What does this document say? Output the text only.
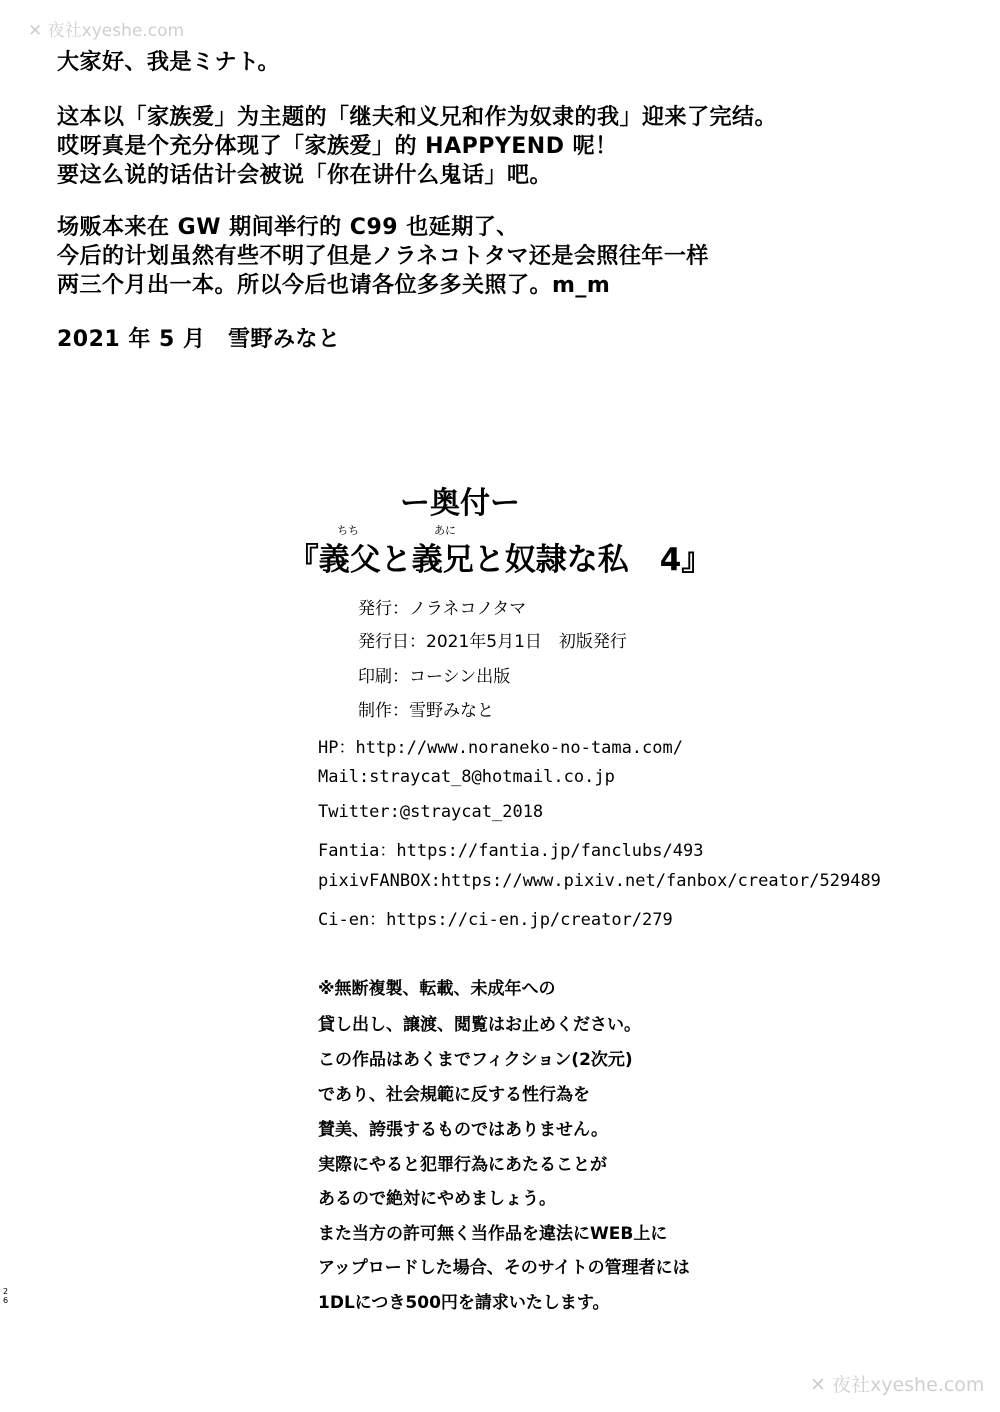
✕ 夜社xyeshe.com
✕ 夜社xyeshe.com
大家好、我是ミナト。
这本以「家族爱」为主题的「继夫和义兄和作为奴隶的我」迎来了完结。
哎呀真是个充分体现了「家族爱」的 HAPPYEND 呢！
要这么说的话估计会被说「你在讲什么鬼话」吧。
场贩本来在 GW 期间举行的 C99 也延期了、
今后的计划虽然有些不明了但是ノラネコトタマ还是会照往年一样
两三个月出一本。所以今后也请各位多多关照了。m_m
2021 年 5 月　雪野みなと
ー奥付ー
ちち	あに
『義父と義兄と奴隷な私　4』
発行：ノラネコノタマ
発行日：2021年5月1日　初版発行
印刷：コーシン出版
制作：雪野みなと
HP：http://www.noraneko-no-tama.com/
Mail:straycat_8@hotmail.co.jp
Twitter:@straycat_2018
Fantia：https://fantia.jp/fanclubs/493
pixivFANBOX:https://www.pixiv.net/fanbox/creator/529489
Ci-en：https://ci-en.jp/creator/279
※無断複製、転載、未成年への
貸し出し、譲渡、閲覧はお止めください。
この作品はあくまでフィクション(2次元)
であり、社会規範に反する性行為を
賛美、誇張するものではありません。
実際にやると犯罪行為にあたることが
あるので絶対にやめましょう。
また当方の許可無く当作品を違法にWEB上に
アップロードした場合、そのサイトの管理者には
1DLにつき500円を請求いたします。
2
6
